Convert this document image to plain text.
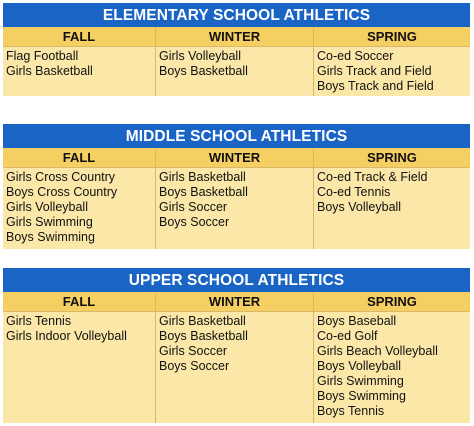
ELEMENTARY SCHOOL ATHLETICS
FALL
Flag Football
Girls Basketball
WINTER
Girls Volleyball
Boys Basketball
SPRING
Co-ed Soccer
Girls Track and Field
Boys Track and Field
MIDDLE SCHOOL ATHLETICS
FALL
Girls Cross Country
Boys Cross Country
Girls Volleyball
Girls Swimming
Boys Swimming
WINTER
Girls Basketball
Boys Basketball
Girls Soccer
Boys Soccer
SPRING
Co-ed Track & Field
Co-ed Tennis
Boys Volleyball
UPPER SCHOOL ATHLETICS
FALL
Girls Tennis
Girls Indoor Volleyball
WINTER
Girls Basketball
Boys Basketball
Girls Soccer
Boys Soccer
SPRING
Boys Baseball
Co-ed Golf
Girls Beach Volleyball
Boys Volleyball
Girls Swimming
Boys Swimming
Boys Tennis
